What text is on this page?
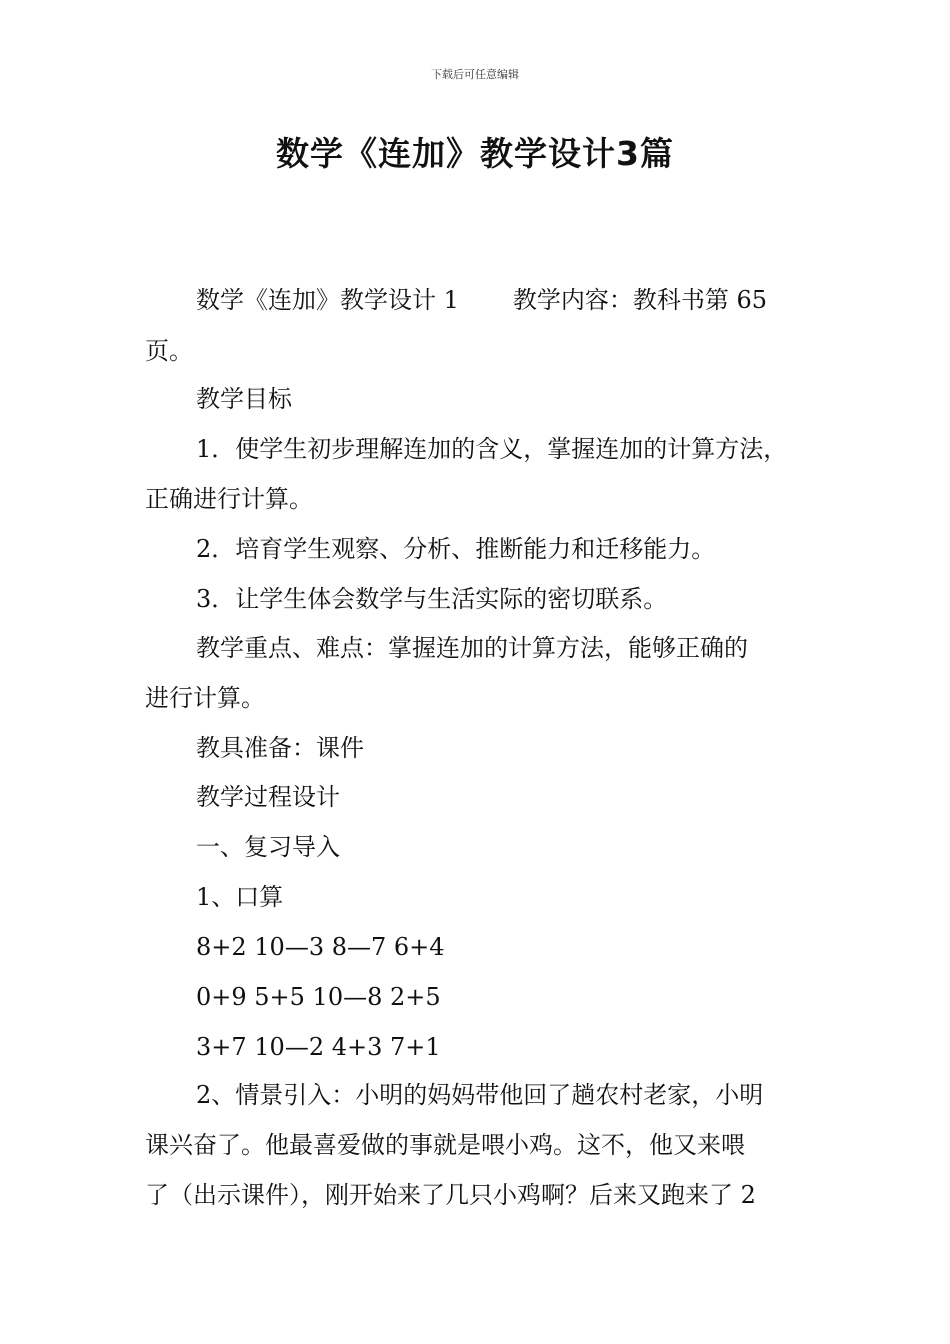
下载后可任意编辑
数学《连加》教学设计3篇
数学《连加》教学设计 1 教学内容：教科书第 65
页。
教学目标
1．使学生初步理解连加的含义，掌握连加的计算方法，
正确进行计算。
2．培育学生观察、分析、推断能力和迁移能力。
3．让学生体会数学与生活实际的密切联系。
教学重点、难点：掌握连加的计算方法，能够正确的
进行计算。
教具准备：课件
教学过程设计
一、复习导入
1、口算
8+2 10—3 8—7 6+4
0+9 5+5 10—8 2+5
3+7 10—2 4+3 7+1
2、情景引入：小明的妈妈带他回了趟农村老家，小明
课兴奋了。他最喜爱做的事就是喂小鸡。这不，他又来喂
了（出示课件），刚开始来了几只小鸡啊？后来又跑来了 2
